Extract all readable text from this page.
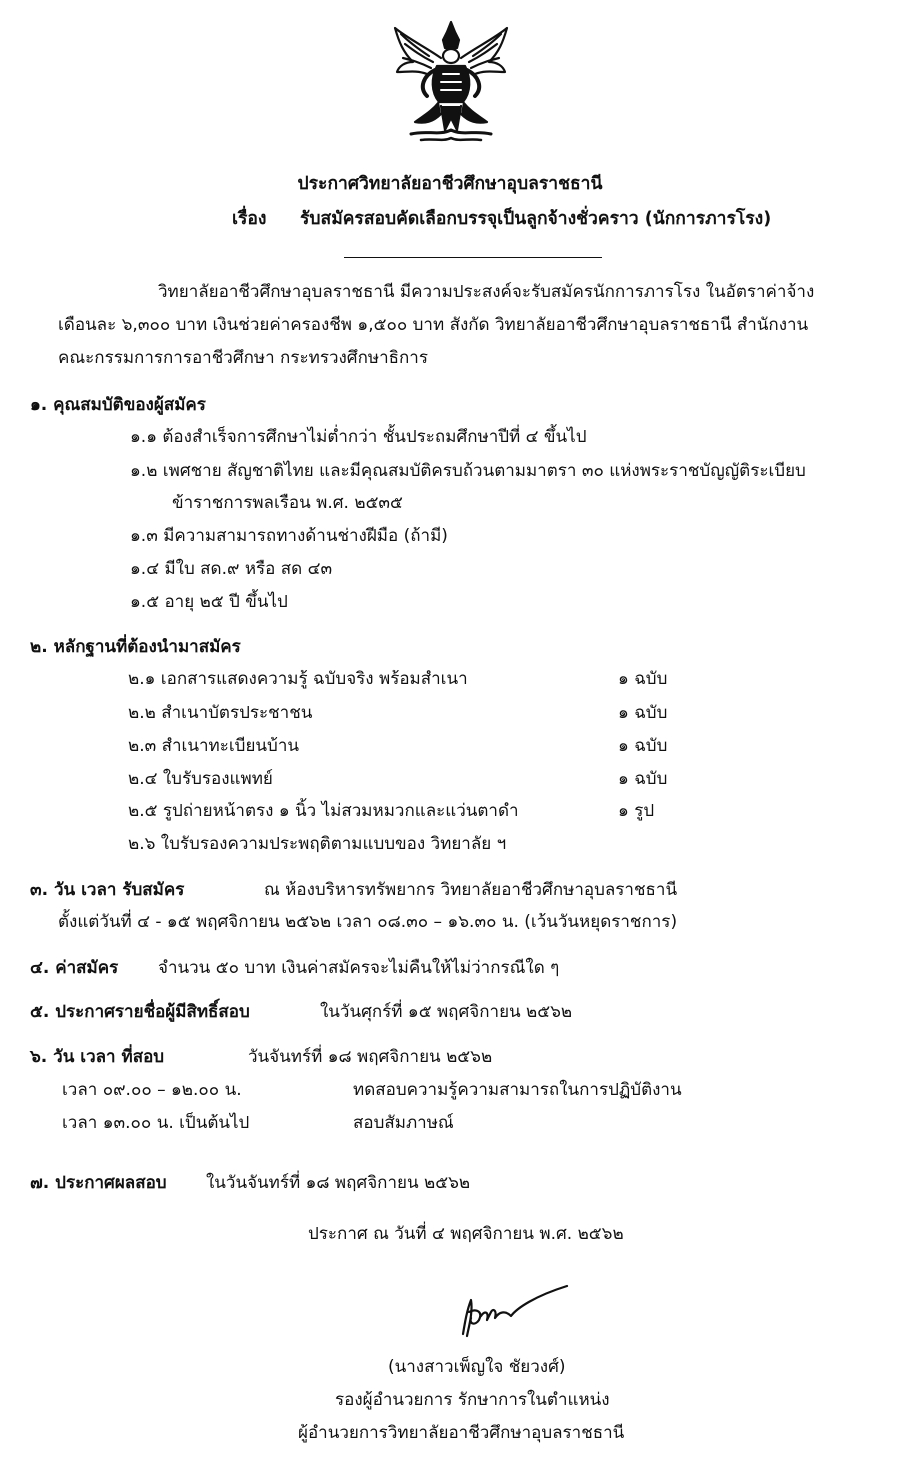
ประกาศวิทยาลัยอาชีวศึกษาอุบลราชธานี
เรื่อง รับสมัครสอบคัดเลือกบรรจุเป็นลูกจ้างชั่วคราว (นักการภารโรง)
วิทยาลัยอาชีวศึกษาอุบลราชธานี มีความประสงค์จะรับสมัครนักการภารโรง ในอัตราค่าจ้าง
เดือนละ ๖,๓๐๐ บาท เงินช่วยค่าครองชีพ ๑,๕๐๐ บาท สังกัด วิทยาลัยอาชีวศึกษาอุบลราชธานี สำนักงาน
คณะกรรมการการอาชีวศึกษา กระทรวงศึกษาธิการ
๑. คุณสมบัติของผู้สมัคร
๑.๑ ต้องสำเร็จการศึกษาไม่ต่ำกว่า ชั้นประถมศึกษาปีที่ ๔ ขึ้นไป
๑.๒ เพศชาย สัญชาติไทย และมีคุณสมบัติครบถ้วนตามมาตรา ๓๐ แห่งพระราชบัญญัติระเบียบ
ข้าราชการพลเรือน พ.ศ. ๒๕๓๕
๑.๓ มีความสามารถทางด้านช่างฝีมือ (ถ้ามี)
๑.๔ มีใบ สด.๙ หรือ สด ๔๓
๑.๕ อายุ ๒๕ ปี ขึ้นไป
๒. หลักฐานที่ต้องนำมาสมัคร
๒.๑ เอกสารแสดงความรู้ ฉบับจริง พร้อมสำเนา	๑ ฉบับ
๒.๒ สำเนาบัตรประชาชน	๑ ฉบับ
๒.๓ สำเนาทะเบียนบ้าน	๑ ฉบับ
๒.๔ ใบรับรองแพทย์	๑ ฉบับ
๒.๕ รูปถ่ายหน้าตรง ๑ นิ้ว ไม่สวมหมวกและแว่นตาดำ	๑ รูป
๒.๖ ใบรับรองความประพฤติตามแบบของ วิทยาลัย ฯ
๓. วัน เวลา รับสมัคร	ณ ห้องบริหารทรัพยากร วิทยาลัยอาชีวศึกษาอุบลราชธานี
ตั้งแต่วันที่ ๔ - ๑๕ พฤศจิกายน ๒๕๖๒ เวลา ๐๘.๓๐ – ๑๖.๓๐ น. (เว้นวันหยุดราชการ)
๔. ค่าสมัคร จำนวน ๕๐ บาท เงินค่าสมัครจะไม่คืนให้ไม่ว่ากรณีใด ๆ
๕. ประกาศรายชื่อผู้มีสิทธิ์สอบ	ในวันศุกร์ที่ ๑๕ พฤศจิกายน ๒๕๖๒
๖. วัน เวลา ที่สอบ	วันจันทร์ที่ ๑๘ พฤศจิกายน ๒๕๖๒
เวลา ๐๙.๐๐ – ๑๒.๐๐ น.	ทดสอบความรู้ความสามารถในการปฏิบัติงาน
เวลา ๑๓.๐๐ น. เป็นต้นไป	สอบสัมภาษณ์
๗. ประกาศผลสอบ ในวันจันทร์ที่ ๑๘ พฤศจิกายน ๒๕๖๒
ประกาศ ณ วันที่ ๔ พฤศจิกายน พ.ศ. ๒๕๖๒
(นางสาวเพ็ญใจ ชัยวงศ์)
รองผู้อำนวยการ รักษาการในตำแหน่ง
ผู้อำนวยการวิทยาลัยอาชีวศึกษาอุบลราชธานี
